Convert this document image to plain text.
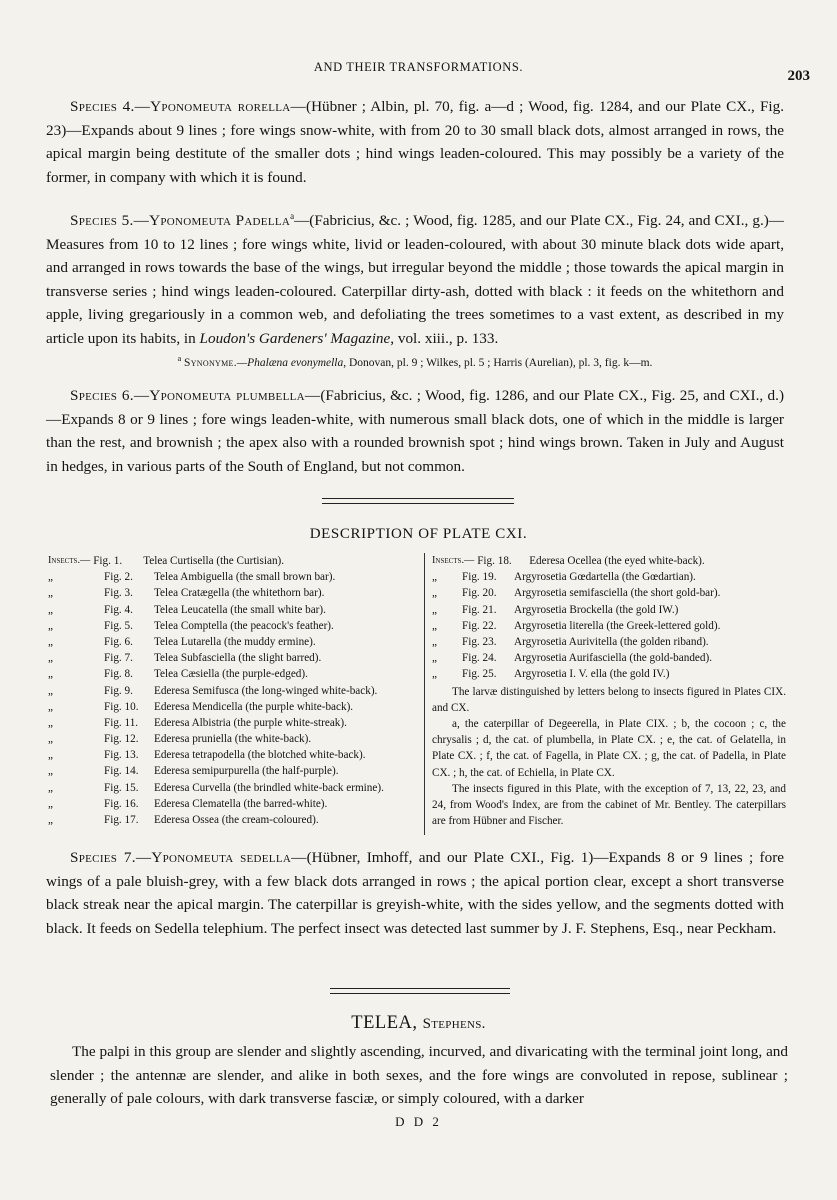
AND THEIR TRANSFORMATIONS.
203

Species 4.—Yponomeuta rorella—(Hübner ; Albin, pl. 70, fig. a—d ; Wood, fig. 1284, and our Plate CX., Fig. 23)—Expands about 9 lines ; fore wings snow-white, with from 20 to 30 small black dots, almost arranged in rows, the apical margin being destitute of the smaller dots ; hind wings leaden-coloured. This may possibly be a variety of the former, in company with which it is found.

Species 5.—Yponomeuta Padella$^a$—(Fabricius, &c. ; Wood, fig. 1285, and our Plate CX., Fig. 24, and CXI., g.)—Measures from 10 to 12 lines ; fore wings white, livid or leaden-coloured, with about 30 minute black dots wide apart, and arranged in rows towards the base of the wings, but irregular beyond the middle ; those towards the apical margin in transverse series ; hind wings leaden-coloured. Caterpillar dirty-ash, dotted with black : it feeds on the whitethorn and apple, living gregariously in a common web, and defoliating the trees sometimes to a vast extent, as described in my article upon its habits, in Loudon's Gardeners' Magazine, vol. xiii., p. 133.

$^a$ Synonyme.—Phalæna evonymella, Donovan, pl. 9 ; Wilkes, pl. 5 ; Harris (Aurelian), pl. 3, fig. k—m.

Species 6.—Yponomeuta plumbella—(Fabricius, &c. ; Wood, fig. 1286, and our Plate CX., Fig. 25, and CXI., d.)—Expands 8 or 9 lines ; fore wings leaden-white, with numerous small black dots, one of which in the middle is larger than the rest, and brownish ; the apex also with a rounded brownish spot ; hind wings brown. Taken in July and August in hedges, in various parts of the South of England, but not common.

DESCRIPTION OF PLATE CXI.
Insects.— Fig. 1.	Telea Curtisella (the Curtisian).
„	Fig. 2.	Telea Ambiguella (the small brown bar).
„	Fig. 3.	Telea Cratægella (the whitethorn bar).
„	Fig. 4.	Telea Leucatella (the small white bar).
„	Fig. 5.	Telea Comptella (the peacock's feather).
„	Fig. 6.	Telea Lutarella (the muddy ermine).
„	Fig. 7.	Telea Subfasciella (the slight barred).
„	Fig. 8.	Telea Cæsiella (the purple-edged).
„	Fig. 9.	Ederesa Semifusca (the long-winged white-back).
„	Fig. 10.	Ederesa Mendicella (the purple white-back).
„	Fig. 11.	Ederesa Albistria (the purple white-streak).
„	Fig. 12.	Ederesa pruniella (the white-back).
„	Fig. 13.	Ederesa tetrapodella (the blotched white-back).
„	Fig. 14.	Ederesa semipurpurella (the half-purple).
„	Fig. 15.	Ederesa Curvella (the brindled white-back ermine).
„	Fig. 16.	Ederesa Clematella (the barred-white).
„	Fig. 17.	Ederesa Ossea (the cream-coloured).
Insects.— Fig. 18.	Ederesa Ocellea (the eyed white-back).
„	Fig. 19.	Argyrosetia Gœdartella (the Gœdartian).
„	Fig. 20.	Argyrosetia semifasciella (the short gold-bar).
„	Fig. 21.	Argyrosetia Brockella (the gold IW.)
„	Fig. 22.	Argyrosetia literella (the Greek-lettered gold).
„	Fig. 23.	Argyrosetia Aurivitella (the golden riband).
„	Fig. 24.	Argyrosetia Aurifasciella (the gold-banded).
„	Fig. 25.	Argyrosetia I. V. ella (the gold IV.)

The larvæ distinguished by letters belong to insects figured in Plates CIX. and CX.

a, the caterpillar of Degeerella, in Plate CIX. ; b, the cocoon ; c, the chrysalis ; d, the cat. of plumbella, in Plate CX. ; e, the cat. of Gelatella, in Plate CX. ; f, the cat. of Fagella, in Plate CX. ; g, the cat. of Padella, in Plate CX. ; h, the cat. of Echiella, in Plate CX.

The insects figured in this Plate, with the exception of 7, 13, 22, 23, and 24, from Wood's Index, are from the cabinet of Mr. Bentley. The caterpillars are from Hübner and Fischer.

Species 7.—Yponomeuta sedella—(Hübner, Imhoff, and our Plate CXI., Fig. 1)—Expands 8 or 9 lines ; fore wings of a pale bluish-grey, with a few black dots arranged in rows ; the apical portion clear, except a short transverse black streak near the apical margin. The caterpillar is greyish-white, with the sides yellow, and the segments dotted with black. It feeds on Sedella telephium. The perfect insect was detected last summer by J. F. Stephens, Esq., near Peckham.

TELEA, Stephens.

The palpi in this group are slender and slightly ascending, incurved, and divaricating with the terminal joint long, and slender ; the antennæ are slender, and alike in both sexes, and the fore wings are convoluted in repose, sublinear ; generally of pale colours, with dark transverse fasciæ, or simply coloured, with a darker

D D 2
